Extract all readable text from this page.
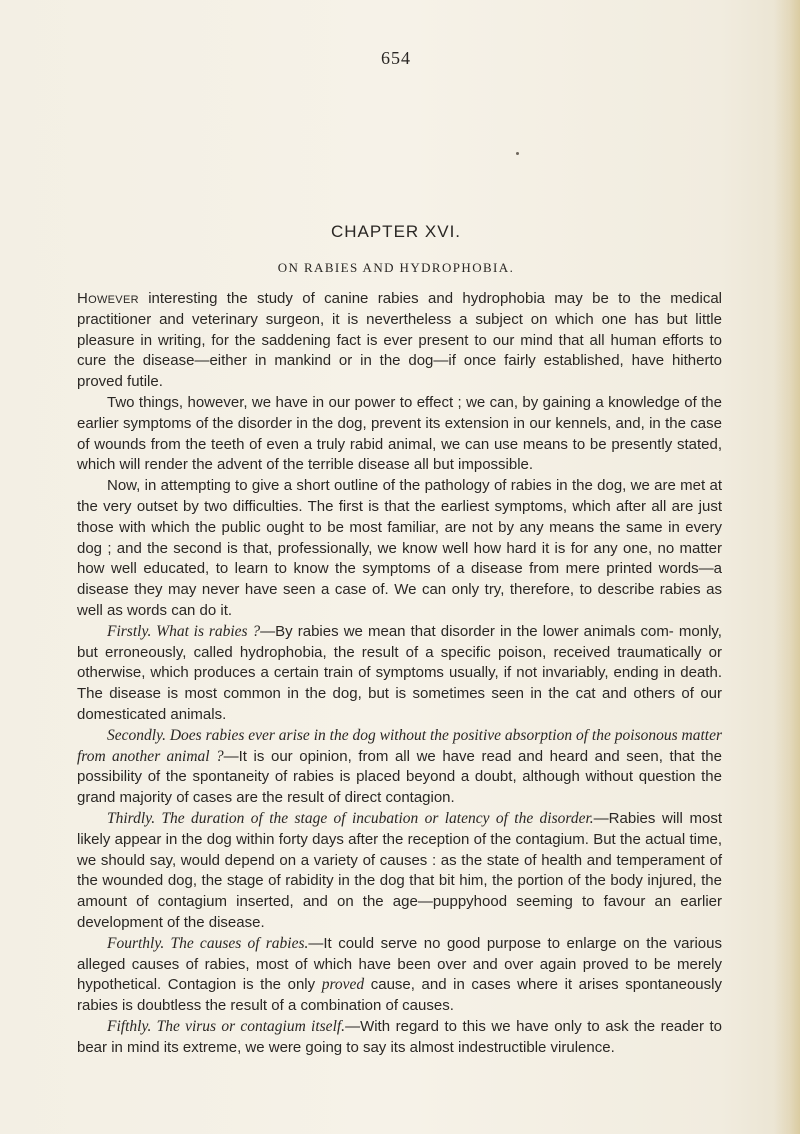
654
CHAPTER XVI.
ON RABIES AND HYDROPHOBIA.

However interesting the study of canine rabies and hydrophobia may be to the medical practitioner and veterinary surgeon, it is nevertheless a subject on which one has but little pleasure in writing, for the saddening fact is ever present to our mind that all human efforts to cure the disease—either in mankind or in the dog—if once fairly established, have hitherto proved futile.

Two things, however, we have in our power to effect ; we can, by gaining a knowledge of the earlier symptoms of the disorder in the dog, prevent its extension in our kennels, and, in the case of wounds from the teeth of even a truly rabid animal, we can use means to be presently stated, which will render the advent of the terrible disease all but impossible.

Now, in attempting to give a short outline of the pathology of rabies in the dog, we are met at the very outset by two difficulties. The first is that the earliest symptoms, which after all are just those with which the public ought to be most familiar, are not by any means the same in every dog ; and the second is that, professionally, we know well how hard it is for any one, no matter how well educated, to learn to know the symptoms of a disease from mere printed words—a disease they may never have seen a case of. We can only try, therefore, to describe rabies as well as words can do it.

Firstly. What is rabies ?—By rabies we mean that disorder in the lower animals com- monly, but erroneously, called hydrophobia, the result of a specific poison, received traumatically or otherwise, which produces a certain train of symptoms usually, if not invariably, ending in death. The disease is most common in the dog, but is sometimes seen in the cat and others of our domesticated animals.

Secondly. Does rabies ever arise in the dog without the positive absorption of the poisonous matter from another animal ?—It is our opinion, from all we have read and heard and seen, that the possibility of the spontaneity of rabies is placed beyond a doubt, although without question the grand majority of cases are the result of direct contagion.

Thirdly. The duration of the stage of incubation or latency of the disorder.—Rabies will most likely appear in the dog within forty days after the reception of the contagium. But the actual time, we should say, would depend on a variety of causes : as the state of health and temperament of the wounded dog, the stage of rabidity in the dog that bit him, the portion of the body injured, the amount of contagium inserted, and on the age—puppyhood seeming to favour an earlier development of the disease.

Fourthly. The causes of rabies.—It could serve no good purpose to enlarge on the various alleged causes of rabies, most of which have been over and over again proved to be merely hypothetical. Contagion is the only proved cause, and in cases where it arises spontaneously rabies is doubtless the result of a combination of causes.

Fifthly. The virus or contagium itself.—With regard to this we have only to ask the reader to bear in mind its extreme, we were going to say its almost indestructible virulence.
